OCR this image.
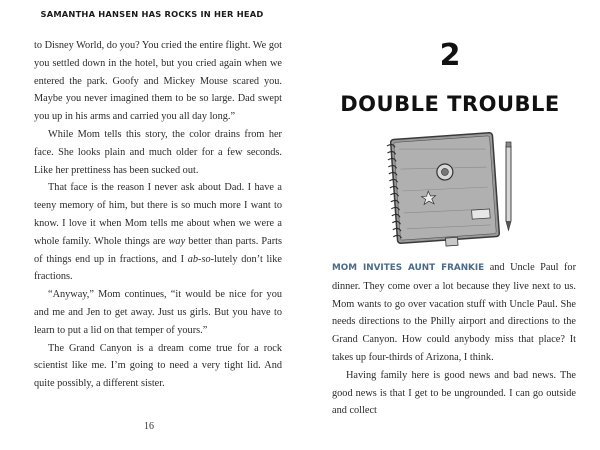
SAMANTHA HANSEN HAS ROCKS IN HER HEAD

to Disney World, do you? You cried the entire flight. We got you settled down in the hotel, but you cried again when we entered the park. Goofy and Mickey Mouse scared you. Maybe you never imagined them to be so large. Dad swept you up in his arms and carried you all day long.”

While Mom tells this story, the color drains from her face. She looks plain and much older for a few seconds. Like her prettiness has been sucked out.

That face is the reason I never ask about Dad. I have a teeny memory of him, but there is so much more I want to know. I love it when Mom tells me about when we were a whole family. Whole things are way better than parts. Parts of things end up in fractions, and I ab-so-lutely don’t like fractions.

“Anyway,” Mom continues, “it would be nice for you and me and Jen to get away. Just us girls. But you have to learn to put a lid on that temper of yours.”

The Grand Canyon is a dream come true for a rock scientist like me. I’m going to need a very tight lid. And quite possibly, a different sister.

16
2
DOUBLE TROUBLE

MOM INVITES AUNT FRANKIE and Uncle Paul for dinner. They come over a lot because they live next to us. Mom wants to go over vacation stuff with Uncle Paul. She needs directions to the Philly airport and directions to the Grand Canyon. How could anybody miss that place? It takes up four-thirds of Arizona, I think.

Having family here is good news and bad news. The good news is that I get to be ungrounded. I can go outside and collect
